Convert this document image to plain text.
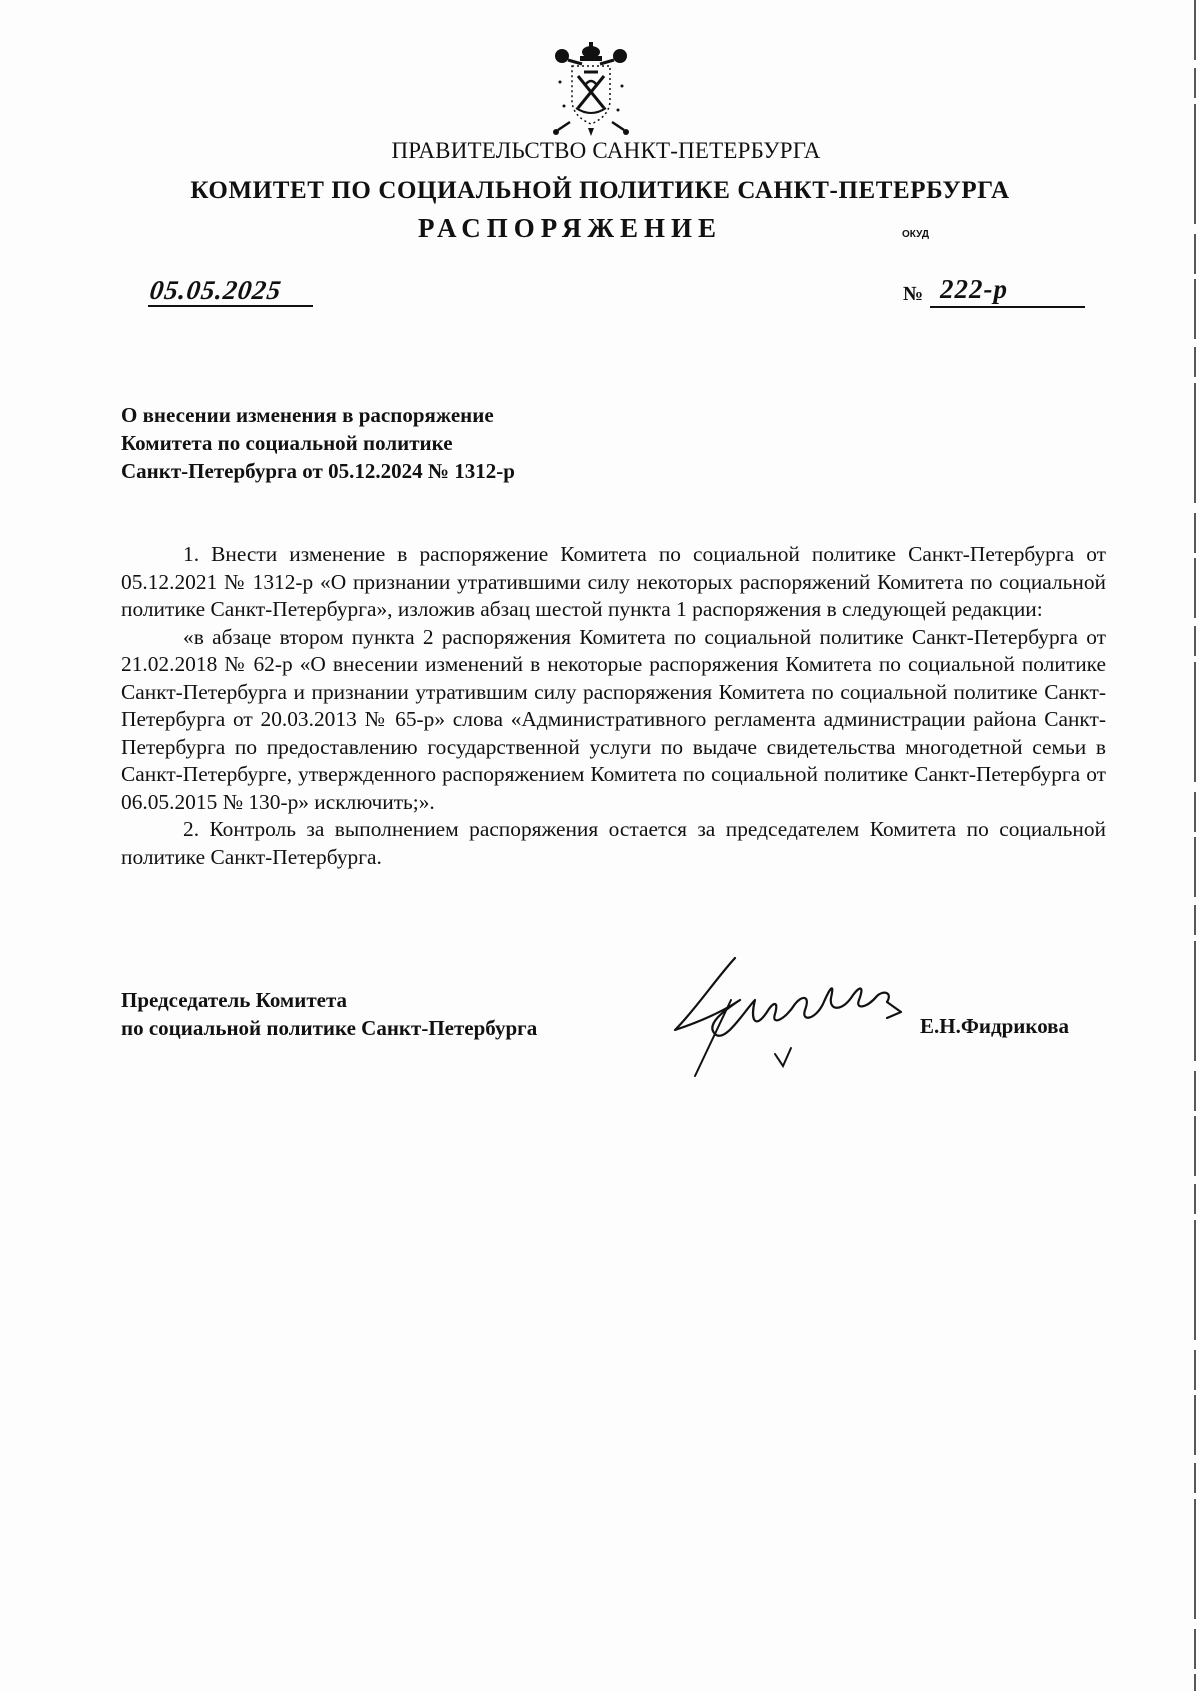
ПРАВИТЕЛЬСТВО САНКТ-ПЕТЕРБУРГА
КОМИТЕТ ПО СОЦИАЛЬНОЙ ПОЛИТИКЕ САНКТ-ПЕТЕРБУРГА
РАСПОРЯЖЕНИЕ	ОКУД
05.05.2025	№ 222-р
О внесении изменения в распоряжение
Комитета по социальной политике
Санкт-Петербурга от 05.12.2024 № 1312-р

1. Внести изменение в распоряжение Комитета по социальной политике Санкт-Петербурга от 05.12.2021 № 1312-р «О признании утратившими силу некоторых распоряжений Комитета по социальной политике Санкт-Петербурга», изложив абзац шестой пункта 1 распоряжения в следующей редакции:

«в абзаце втором пункта 2 распоряжения Комитета по социальной политике Санкт-Петербурга от 21.02.2018 № 62-р «О внесении изменений в некоторые распоряжения Комитета по социальной политике Санкт-Петербурга и признании утратившим силу распоряжения Комитета по социальной политике Санкт-Петербурга от 20.03.2013 № 65-р» слова «Административного регламента администрации района Санкт-Петербурга по предоставлению государственной услуги по выдаче свидетельства многодетной семьи в Санкт-Петербурге, утвержденного распоряжением Комитета по социальной политике Санкт-Петербурга от 06.05.2015 № 130-р» исключить;».

2. Контроль за выполнением распоряжения остается за председателем Комитета по социальной политике Санкт-Петербурга.

Председатель Комитета
по социальной политике Санкт-Петербурга	Е.Н.Фидрикова
